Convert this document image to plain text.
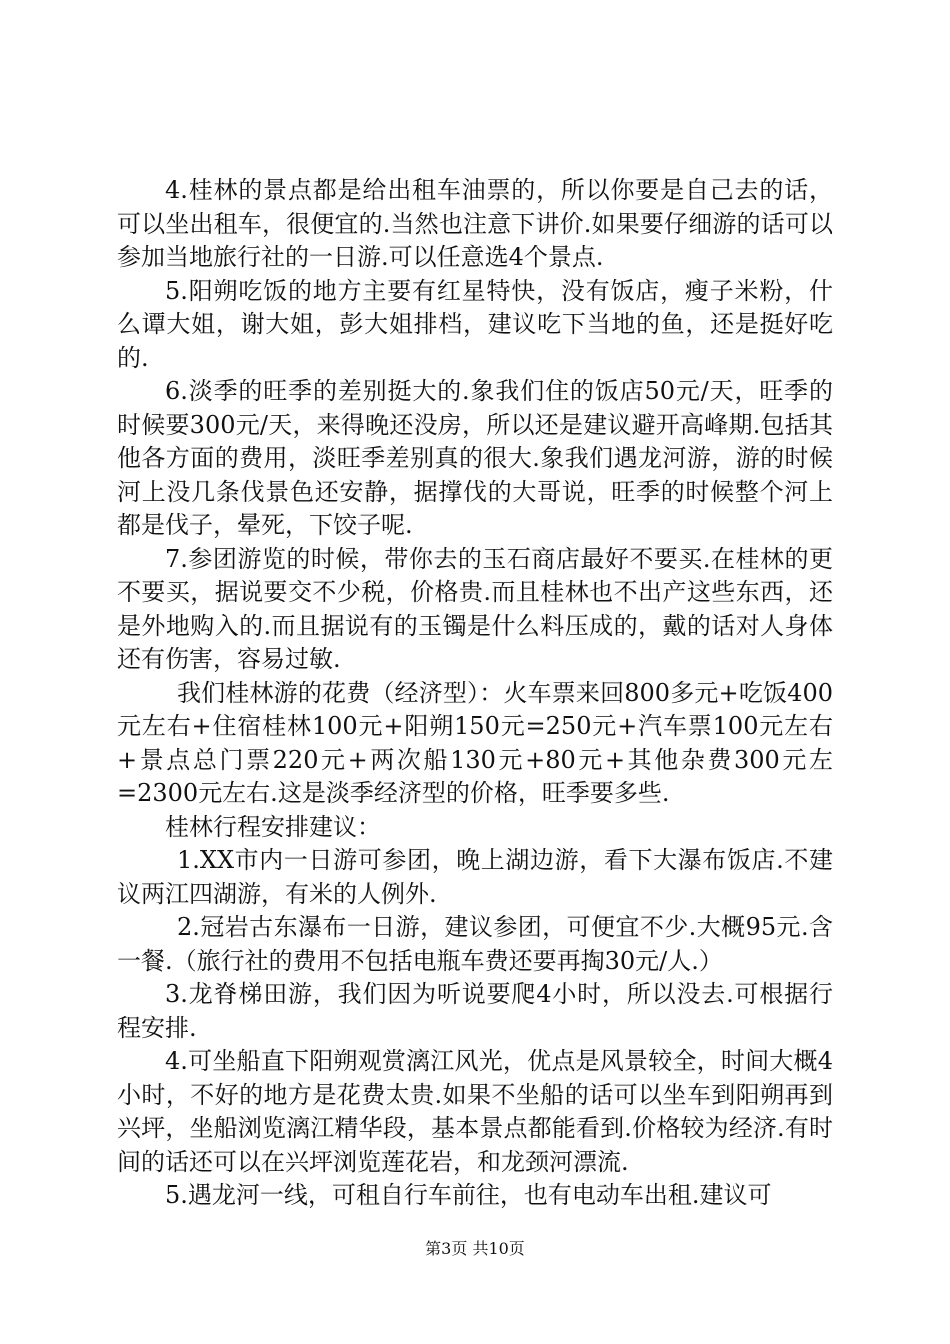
4.桂林的景点都是给出租车油票的，所以你要是自己去的话，可以坐出租车，很便宜的.当然也注意下讲价.如果要仔细游的话可以参加当地旅行社的一日游.可以任意选4个景点.

5.阳朔吃饭的地方主要有红星特快，没有饭店，瘦子米粉，什么谭大姐，谢大姐，彭大姐排档，建议吃下当地的鱼，还是挺好吃的.

6.淡季的旺季的差别挺大的.象我们住的饭店50元/天，旺季的时候要300元/天，来得晚还没房，所以还是建议避开高峰期.包括其他各方面的费用，淡旺季差别真的很大.象我们遇龙河游，游的时候河上没几条伐景色还安静，据撑伐的大哥说，旺季的时候整个河上都是伐子，晕死，下饺子呢.

7.参团游览的时候，带你去的玉石商店最好不要买.在桂林的更不要买，据说要交不少税，价格贵.而且桂林也不出产这些东西，还是外地购入的.而且据说有的玉镯是什么料压成的，戴的话对人身体还有伤害，容易过敏.

我们桂林游的花费（经济型）：火车票来回800多元+吃饭400元左右+住宿桂林100元+阳朔150元=250元+汽车票100元左右+景点总门票220元+两次船130元+80元+其他杂费300元左=2300元左右.这是淡季经济型的价格，旺季要多些.

桂林行程安排建议：

1.XX市内一日游可参团，晚上湖边游，看下大瀑布饭店.不建议两江四湖游，有米的人例外.

2.冠岩古东瀑布一日游，建议参团，可便宜不少.大概95元.含一餐.（旅行社的费用不包括电瓶车费还要再掏30元/人.）

3.龙脊梯田游，我们因为听说要爬4小时，所以没去.可根据行程安排.

4.可坐船直下阳朔观赏漓江风光，优点是风景较全，时间大概4小时，不好的地方是花费太贵.如果不坐船的话可以坐车到阳朔再到兴坪，坐船浏览漓江精华段，基本景点都能看到.价格较为经济.有时间的话还可以在兴坪浏览莲花岩，和龙颈河漂流.

5.遇龙河一线，可租自行车前往，也有电动车出租.建议可

第3页 共10页
